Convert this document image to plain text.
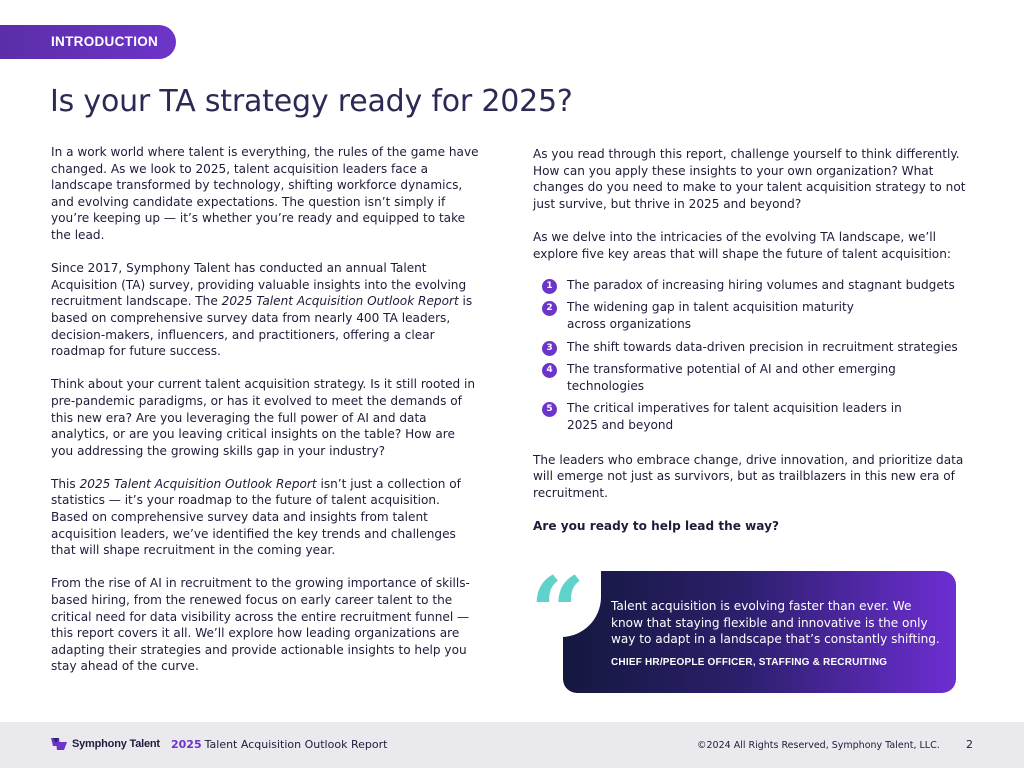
INTRODUCTION
Is your TA strategy ready for 2025?

In a work world where talent is everything, the rules of the game have changed. As we look to 2025, talent acquisition leaders face a landscape transformed by technology, shifting workforce dynamics, and evolving candidate expectations. The question isn’t simply if you’re keeping up — it’s whether you’re ready and equipped to take the lead.

Since 2017, Symphony Talent has conducted an annual Talent Acquisition (TA) survey, providing valuable insights into the evolving recruitment landscape. The 2025 Talent Acquisition Outlook Report is based on comprehensive survey data from nearly 400 TA leaders, decision-makers, influencers, and practitioners, offering a clear roadmap for future success.

Think about your current talent acquisition strategy. Is it still rooted in pre-pandemic paradigms, or has it evolved to meet the demands of this new era? Are you leveraging the full power of AI and data analytics, or are you leaving critical insights on the table? How are you addressing the growing skills gap in your industry?

This 2025 Talent Acquisition Outlook Report isn’t just a collection of statistics — it’s your roadmap to the future of talent acquisition. Based on comprehensive survey data and insights from talent acquisition leaders, we’ve identified the key trends and challenges that will shape recruitment in the coming year.

From the rise of AI in recruitment to the growing importance of skills-based hiring, from the renewed focus on early career talent to the critical need for data visibility across the entire recruitment funnel — this report covers it all. We’ll explore how leading organizations are adapting their strategies and provide actionable insights to help you stay ahead of the curve.

As you read through this report, challenge yourself to think differently. How can you apply these insights to your own organization? What changes do you need to make to your talent acquisition strategy to not just survive, but thrive in 2025 and beyond?

As we delve into the intricacies of the evolving TA landscape, we’ll explore five key areas that will shape the future of talent acquisition:

1	The paradox of increasing hiring volumes and stagnant budgets
2	The widening gap in talent acquisition maturity across organizations
3	The shift towards data-driven precision in recruitment strategies
4	The transformative potential of AI and other emerging technologies
5	The critical imperatives for talent acquisition leaders in 2025 and beyond

The leaders who embrace change, drive innovation, and prioritize data will emerge not just as survivors, but as trailblazers in this new era of recruitment.

Are you ready to help lead the way?

“ Talent acquisition is evolving faster than ever. We know that staying flexible and innovative is the only way to adapt in a landscape that’s constantly shifting.

CHIEF HR/PEOPLE OFFICER, STAFFING & RECRUITING
Symphony Talent 2025 Talent Acquisition Outlook Report	©2024 All Rights Reserved, Symphony Talent, LLC. 2
